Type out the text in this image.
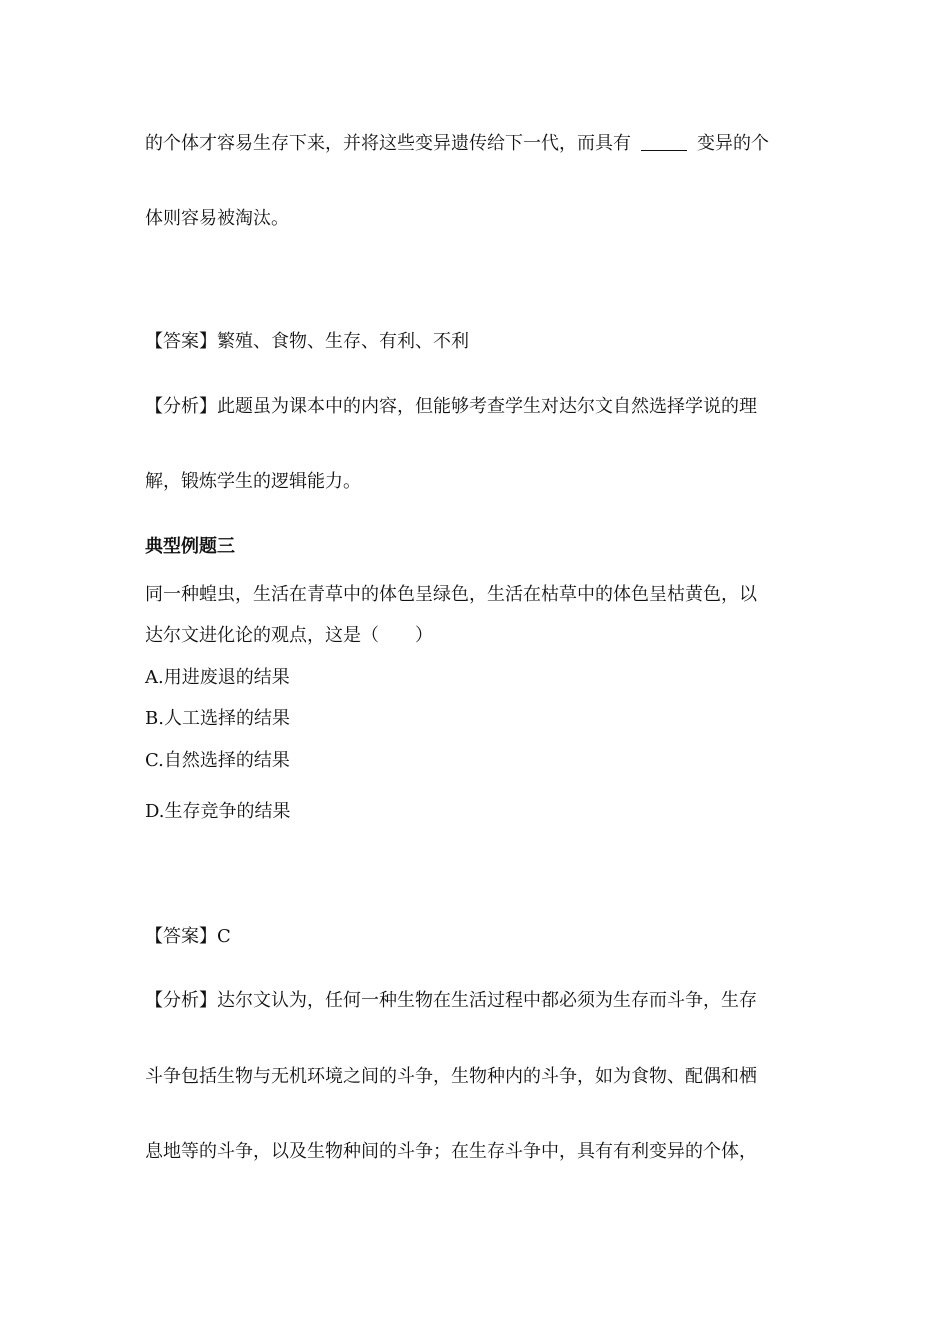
的个体才容易生存下来，并将这些变异遗传给下一代，而具有	变异的个

体则容易被淘汰。

【答案】繁殖、食物、生存、有利、不利

【分析】此题虽为课本中的内容，但能够考查学生对达尔文自然选择学说的理

解，锻炼学生的逻辑能力。

典型例题三

同一种蝗虫，生活在青草中的体色呈绿色，生活在枯草中的体色呈枯黄色，以

达尔文进化论的观点，这是（　　）

A.用进废退的结果

B.人工选择的结果

C.自然选择的结果

D.生存竞争的结果

【答案】C

【分析】达尔文认为，任何一种生物在生活过程中都必须为生存而斗争，生存

斗争包括生物与无机环境之间的斗争，生物种内的斗争，如为食物、配偶和栖

息地等的斗争，以及生物种间的斗争；在生存斗争中，具有有利变异的个体，
